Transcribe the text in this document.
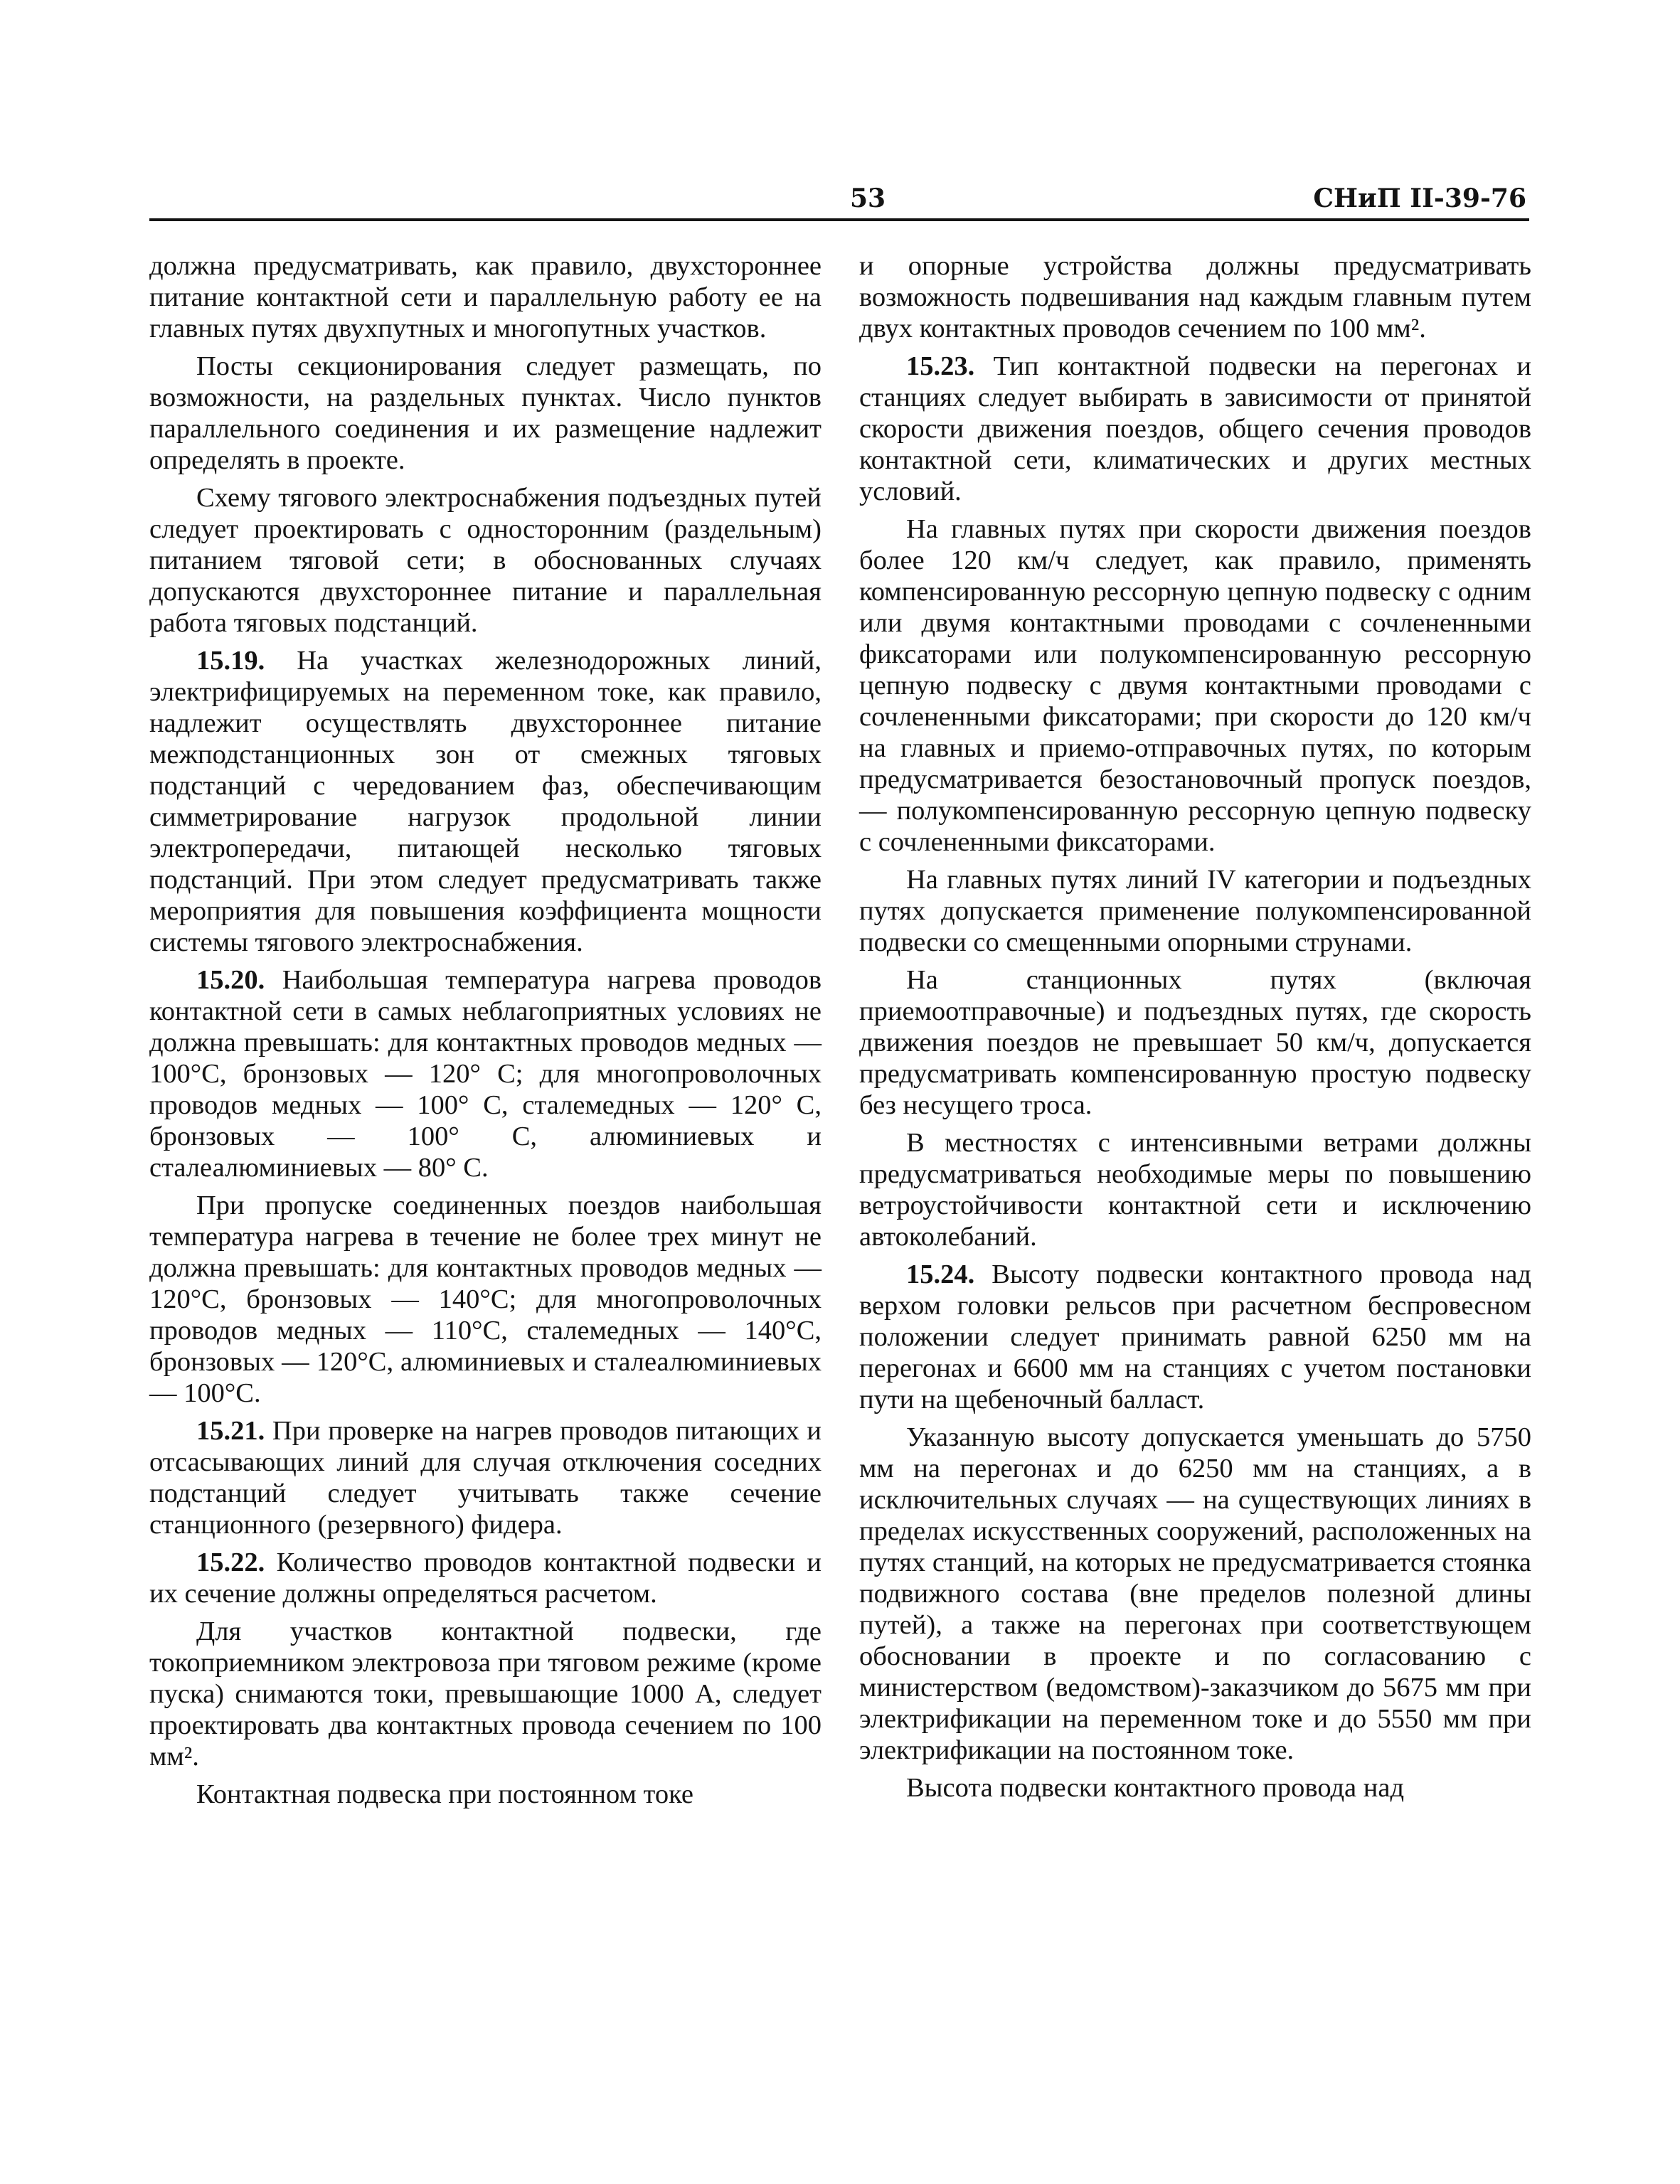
53	СНиП II-39-76

должна предусматривать, как правило, двухстороннее питание контактной сети и параллельную работу ее на главных путях двухпутных и многопутных участков.

Посты секционирования следует размещать, по возможности, на раздельных пунктах. Число пунктов параллельного соединения и их размещение надлежит определять в проекте.

Схему тягового электроснабжения подъездных путей следует проектировать с односторонним (раздельным) питанием тяговой сети; в обоснованных случаях допускаются двухстороннее питание и параллельная работа тяговых подстанций.

15.19. На участках железнодорожных линий, электрифицируемых на переменном токе, как правило, надлежит осуществлять двухстороннее питание межподстанционных зон от смежных тяговых подстанций с чередованием фаз, обеспечивающим симметрирование нагрузок продольной линии электропередачи, питающей несколько тяговых подстанций. При этом следует предусматривать также мероприятия для повышения коэффициента мощности системы тягового электроснабжения.

15.20. Наибольшая температура нагрева проводов контактной сети в самых неблагоприятных условиях не должна превышать: для контактных проводов медных — 100°С, бронзовых — 120° С; для многопроволочных проводов медных — 100° С, сталемедных — 120° С, бронзовых — 100° С, алюминиевых и сталеалюминиевых — 80° С.

При пропуске соединенных поездов наибольшая температура нагрева в течение не более трех минут не должна превышать: для контактных проводов медных — 120°С, бронзовых — 140°С; для многопроволочных проводов медных — 110°С, сталемедных — 140°С, бронзовых — 120°С, алюминиевых и сталеалюминиевых — 100°С.

15.21. При проверке на нагрев проводов питающих и отсасывающих линий для случая отключения соседних подстанций следует учитывать также сечение станционного (резервного) фидера.

15.22. Количество проводов контактной подвески и их сечение должны определяться расчетом.

Для участков контактной подвески, где токоприемником электровоза при тяговом режиме (кроме пуска) снимаются токи, превышающие 1000 А, следует проектировать два контактных провода сечением по 100 мм².

Контактная подвеска при постоянном токе

и опорные устройства должны предусматривать возможность подвешивания над каждым главным путем двух контактных проводов сечением по 100 мм².

15.23. Тип контактной подвески на перегонах и станциях следует выбирать в зависимости от принятой скорости движения поездов, общего сечения проводов контактной сети, климатических и других местных условий.

На главных путях при скорости движения поездов более 120 км/ч следует, как правило, применять компенсированную рессорную цепную подвеску с одним или двумя контактными проводами с сочлененными фиксаторами или полукомпенсированную рессорную цепную подвеску с двумя контактными проводами с сочлененными фиксаторами; при скорости до 120 км/ч на главных и приемо-отправочных путях, по которым предусматривается безостановочный пропуск поездов, — полукомпенсированную рессорную цепную подвеску с сочлененными фиксаторами.

На главных путях линий IV категории и подъездных путях допускается применение полукомпенсированной подвески со смещенными опорными струнами.

На станционных путях (включая приемоотправочные) и подъездных путях, где скорость движения поездов не превышает 50 км/ч, допускается предусматривать компенсированную простую подвеску без несущего троса.

В местностях с интенсивными ветрами должны предусматриваться необходимые меры по повышению ветроустойчивости контактной сети и исключению автоколебаний.

15.24. Высоту подвески контактного провода над верхом головки рельсов при расчетном беспровесном положении следует принимать равной 6250 мм на перегонах и 6600 мм на станциях с учетом постановки пути на щебеночный балласт.

Указанную высоту допускается уменьшать до 5750 мм на перегонах и до 6250 мм на станциях, а в исключительных случаях — на существующих линиях в пределах искусственных сооружений, расположенных на путях станций, на которых не предусматривается стоянка подвижного состава (вне пределов полезной длины путей), а также на перегонах при соответствующем обосновании в проекте и по согласованию с министерством (ведомством)-заказчиком до 5675 мм при электрификации на переменном токе и до 5550 мм при электрификации на постоянном токе.

Высота подвески контактного провода над
